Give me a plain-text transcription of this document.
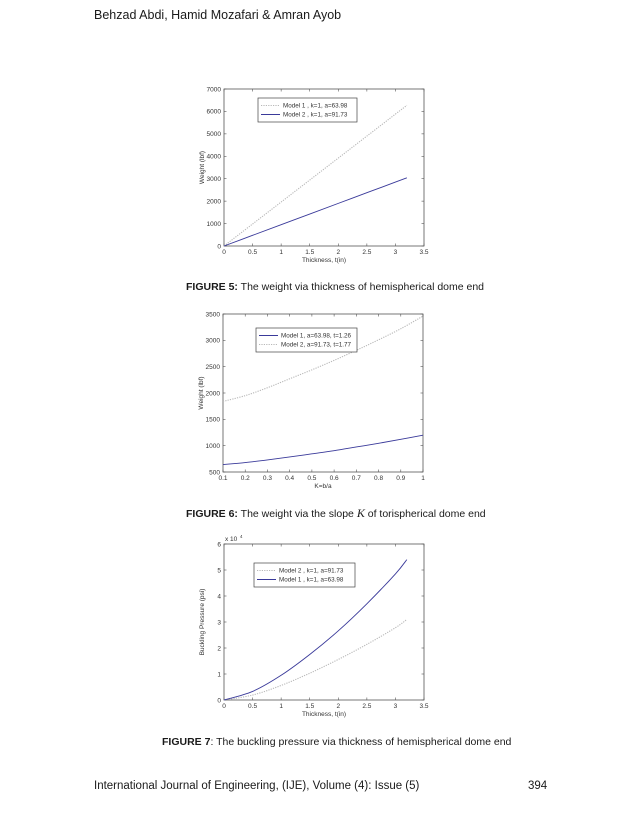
Behzad Abdi, Hamid Mozafari & Amran Ayob
0	0.5	1	1.5	2	2.5	3	3.5
0
1000
2000
3000
4000
5000
6000
7000
Thickness, t(in)
Weight (lbf)
Model 1 , k=1, a=63.98
Model 2 , k=1, a=91.73
FIGURE 5: The weight via thickness of hemispherical dome end
0.1 0.2 0.3 0.4 0.5 0.6 0.7 0.8 0.9 1
500
1000
1500
2000
2500
3000
3500
K=b/a
Weight (lbf)
Model 1, a=63.98, t=1.26
Model 2, a=91.73, t=1.77
FIGURE 6: The weight via the slope K of torispherical dome end
0	0.5	1	1.5	2	2.5	3	3.5
0
1
2
3
4
5
6
x 10 4
Thickness, t(in)
Buckling Pressure (psi)
Model 2 , k=1, a=91.73
Model 1 , k=1, a=63.98
FIGURE 7: The buckling pressure via thickness of hemispherical dome end
International Journal of Engineering, (IJE), Volume (4): Issue (5)	394
